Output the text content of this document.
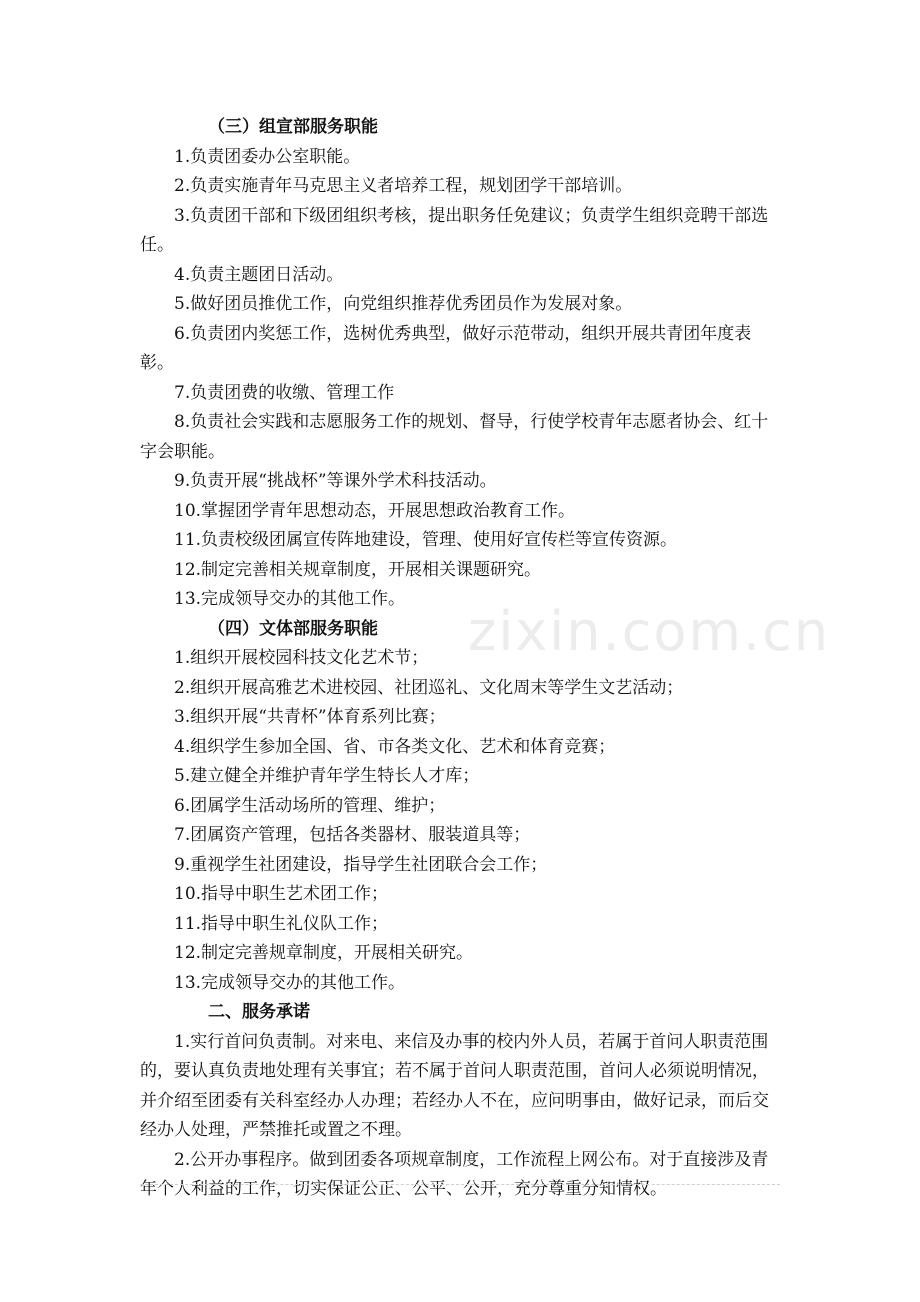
zixin.com.cn

（三）组宣部服务职能

1.负责团委办公室职能。

2.负责实施青年马克思主义者培养工程，规划团学干部培训。

3.负责团干部和下级团组织考核，提出职务任免建议；负责学生组织竞聘干部选任。

4.负责主题团日活动。

5.做好团员推优工作，向党组织推荐优秀团员作为发展对象。

6.负责团内奖惩工作，选树优秀典型，做好示范带动，组织开展共青团年度表彰。

7.负责团费的收缴、管理工作

8.负责社会实践和志愿服务工作的规划、督导，行使学校青年志愿者协会、红十字会职能。

9.负责开展“挑战杯”等课外学术科技活动。

10.掌握团学青年思想动态，开展思想政治教育工作。

11.负责校级团属宣传阵地建设，管理、使用好宣传栏等宣传资源。

12.制定完善相关规章制度，开展相关课题研究。

13.完成领导交办的其他工作。

（四）文体部服务职能

1.组织开展校园科技文化艺术节；

2.组织开展高雅艺术进校园、社团巡礼、文化周末等学生文艺活动；

3.组织开展“共青杯”体育系列比赛；

4.组织学生参加全国、省、市各类文化、艺术和体育竞赛；

5.建立健全并维护青年学生特长人才库；

6.团属学生活动场所的管理、维护；

7.团属资产管理，包括各类器材、服装道具等；

9.重视学生社团建设，指导学生社团联合会工作；

10.指导中职生艺术团工作；

11.指导中职生礼仪队工作；

12.制定完善规章制度，开展相关研究。

13.完成领导交办的其他工作。

二、服务承诺

1.实行首问负责制。对来电、来信及办事的校内外人员，若属于首问人职责范围的，要认真负责地处理有关事宜；若不属于首问人职责范围，首问人必须说明情况，并介绍至团委有关科室经办人办理；若经办人不在，应问明事由，做好记录，而后交经办人处理，严禁推托或置之不理。

2.公开办事程序。做到团委各项规章制度，工作流程上网公布。对于直接涉及青年个人利益的工作，切实保证公正、公平、公开，充分尊重分知情权。
